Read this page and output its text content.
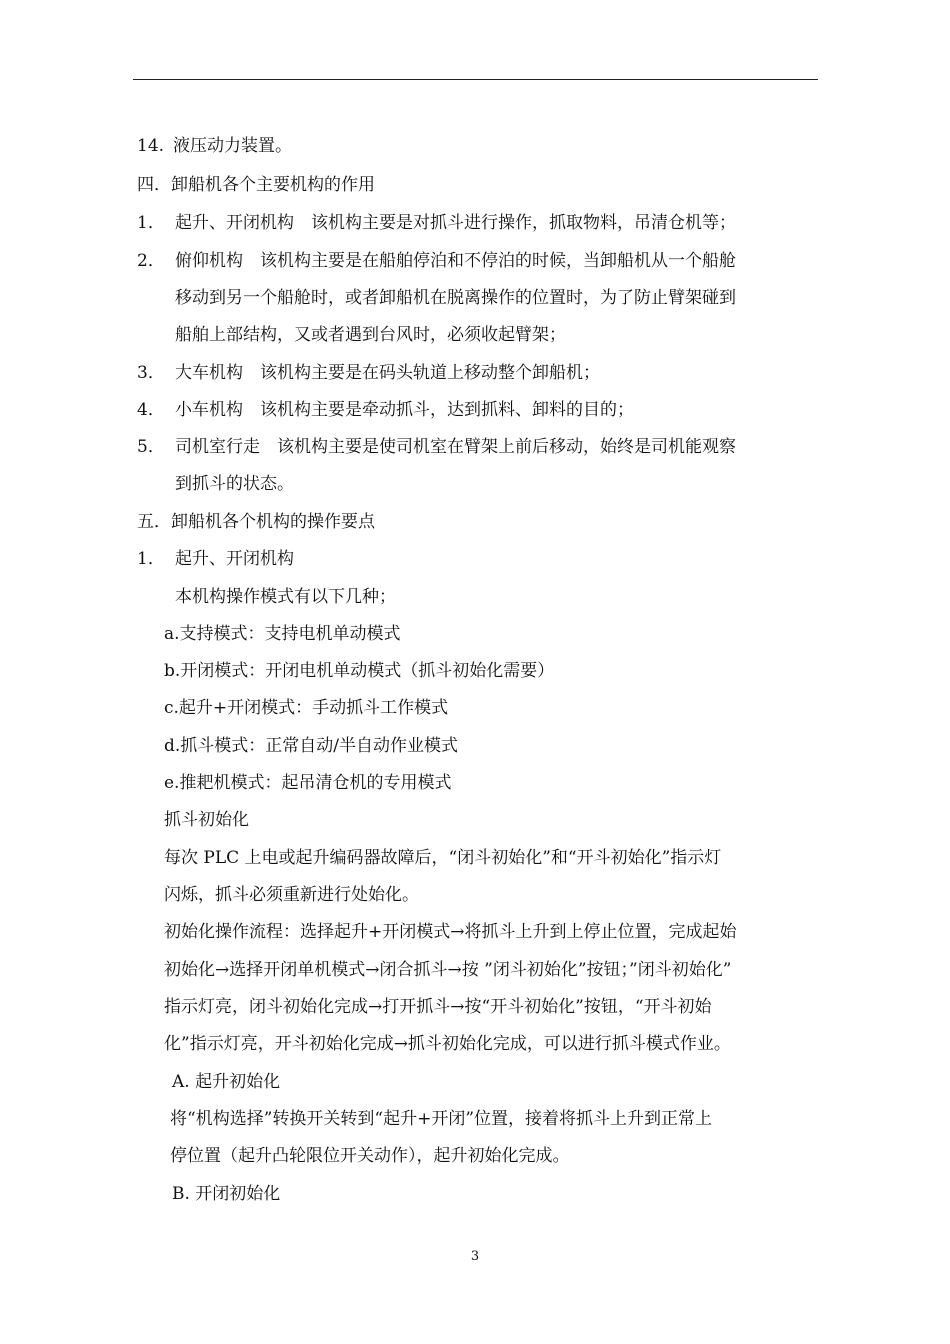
14. 液压动力装置。
四．卸船机各个主要机构的作用
1． 起升、开闭机构　该机构主要是对抓斗进行操作，抓取物料，吊清仓机等；
2． 俯仰机构　该机构主要是在船舶停泊和不停泊的时候，当卸船机从一个船舱
移动到另一个船舱时，或者卸船机在脱离操作的位置时，为了防止臂架碰到
船舶上部结构，又或者遇到台风时，必须收起臂架；
3． 大车机构　该机构主要是在码头轨道上移动整个卸船机；
4． 小车机构　该机构主要是牵动抓斗，达到抓料、卸料的目的；
5． 司机室行走　该机构主要是使司机室在臂架上前后移动，始终是司机能观察
到抓斗的状态。
五．卸船机各个机构的操作要点
1． 起升、开闭机构
本机构操作模式有以下几种；
a.支持模式：支持电机单动模式
b.开闭模式：开闭电机单动模式（抓斗初始化需要）
c.起升+开闭模式：手动抓斗工作模式
d.抓斗模式：正常自动/半自动作业模式
e.推耙机模式：起吊清仓机的专用模式
抓斗初始化
每次 PLC 上电或起升编码器故障后，“闭斗初始化”和“开斗初始化”指示灯
闪烁，抓斗必须重新进行处始化。
初始化操作流程：选择起升+开闭模式→将抓斗上升到上停止位置，完成起始
初始化→选择开闭单机模式→闭合抓斗→按 ”闭斗初始化”按钮；”闭斗初始化”
指示灯亮，闭斗初始化完成→打开抓斗→按“开斗初始化”按钮，“开斗初始
化”指示灯亮，开斗初始化完成→抓斗初始化完成，可以进行抓斗模式作业。
A. 起升初始化
将“机构选择”转换开关转到“起升+开闭”位置，接着将抓斗上升到正常上
停位置（起升凸轮限位开关动作），起升初始化完成。
B. 开闭初始化
3
